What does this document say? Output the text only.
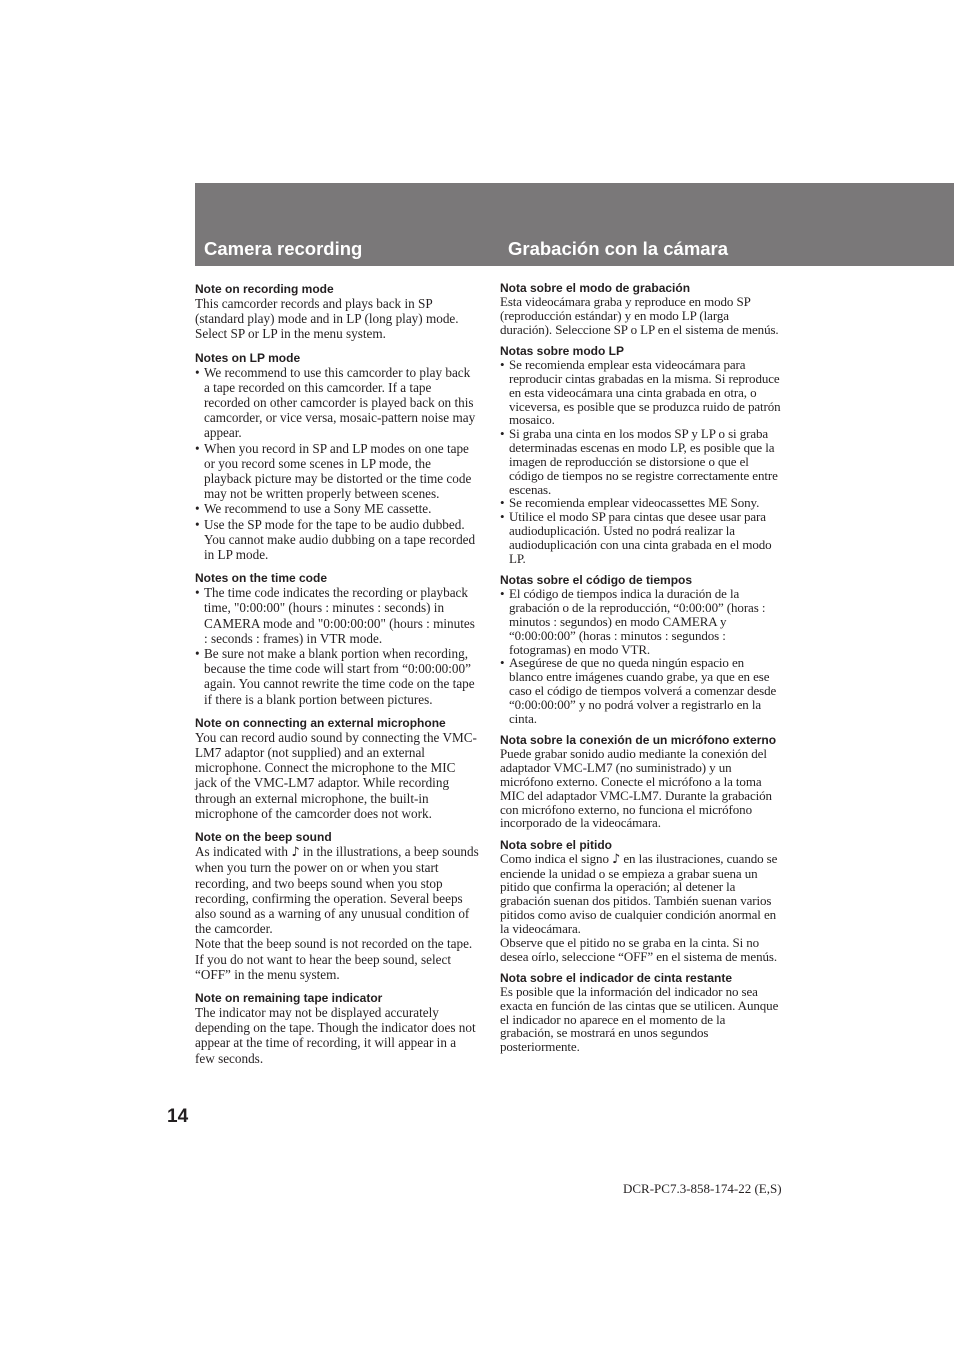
Camera recording	Grabación con la cámara
Note on recording mode

This camcorder records and plays back in SP (standard play) mode and in LP (long play) mode. Select SP or LP in the menu system.

Notes on LP mode
• We recommend to use this camcorder to play back a tape recorded on this camcorder. If a tape recorded on other camcorder is played back on this camcorder, or vice versa, mosaic-pattern noise may appear.
• When you record in SP and LP modes on one tape or you record some scenes in LP mode, the playback picture may be distorted or the time code may not be written properly between scenes.
• We recommend to use a Sony ME cassette.
• Use the SP mode for the tape to be audio dubbed. You cannot make audio dubbing on a tape recorded in LP mode.
Notes on the time code
• The time code indicates the recording or playback time, "0:00:00" (hours : minutes : seconds) in CAMERA mode and "0:00:00:00" (hours : minutes : seconds : frames) in VTR mode.
• Be sure not make a blank portion when recording, because the time code will start from “0:00:00:00” again. You cannot rewrite the time code on the tape if there is a blank portion between pictures.
Note on connecting an external microphone

You can record audio sound by connecting the VMC-LM7 adaptor (not supplied) and an external microphone. Connect the microphone to the MIC jack of the VMC-LM7 adaptor. While recording through an external microphone, the built-in microphone of the camcorder does not work.

Note on the beep sound

As indicated with ♪ in the illustrations, a beep sounds when you turn the power on or when you start recording, and two beeps sound when you stop recording, confirming the operation. Several beeps also sound as a warning of any unusual condition of the camcorder.

Note that the beep sound is not recorded on the tape. If you do not want to hear the beep sound, select “OFF” in the menu system.

Note on remaining tape indicator

The indicator may not be displayed accurately depending on the tape. Though the indicator does not appear at the time of recording, it will appear in a few seconds.

Nota sobre el modo de grabación

Esta videocámara graba y reproduce en modo SP (reproducción estándar) y en modo LP (larga duración). Seleccione SP o LP en el sistema de menús.

Notas sobre modo LP
• Se recomienda emplear esta videocámara para reproducir cintas grabadas en la misma. Si reproduce en esta videocámara una cinta grabada en otra, o viceversa, es posible que se produzca ruido de patrón mosaico.
• Si graba una cinta en los modos SP y LP o si graba determinadas escenas en modo LP, es posible que la imagen de reproducción se distorsione o que el código de tiempos no se registre correctamente entre escenas.
• Se recomienda emplear videocassettes ME Sony.
• Utilice el modo SP para cintas que desee usar para audioduplicación. Usted no podrá realizar la audioduplicación con una cinta grabada en el modo LP.
Notas sobre el código de tiempos
• El código de tiempos indica la duración de la grabación o de la reproducción, “0:00:00” (horas : minutos : segundos) en modo CAMERA y “0:00:00:00” (horas : minutos : segundos : fotogramas) en modo VTR.
• Asegúrese de que no queda ningún espacio en blanco entre imágenes cuando grabe, ya que en ese caso el código de tiempos volverá a comenzar desde “0:00:00:00” y no podrá volver a registrarlo en la cinta.
Nota sobre la conexión de un micrófono externo

Puede grabar sonido audio mediante la conexión del adaptador VMC-LM7 (no suministrado) y un micrófono externo. Conecte el micrófono a la toma MIC del adaptador VMC-LM7. Durante la grabación con micrófono externo, no funciona el micrófono incorporado de la videocámara.

Nota sobre el pitido

Como indica el signo ♪ en las ilustraciones, cuando se enciende la unidad o se empieza a grabar suena un pitido que confirma la operación; al detener la grabación suenan dos pitidos. También suenan varios pitidos como aviso de cualquier condición anormal en la videocámara.

Observe que el pitido no se graba en la cinta. Si no desea oírlo, seleccione “OFF” en el sistema de menús.

Nota sobre el indicador de cinta restante

Es posible que la información del indicador no sea exacta en función de las cintas que se utilicen. Aunque el indicador no aparece en el momento de la grabación, se mostrará en unos segundos posteriormente.

14
DCR-PC7.3-858-174-22 (E,S)
